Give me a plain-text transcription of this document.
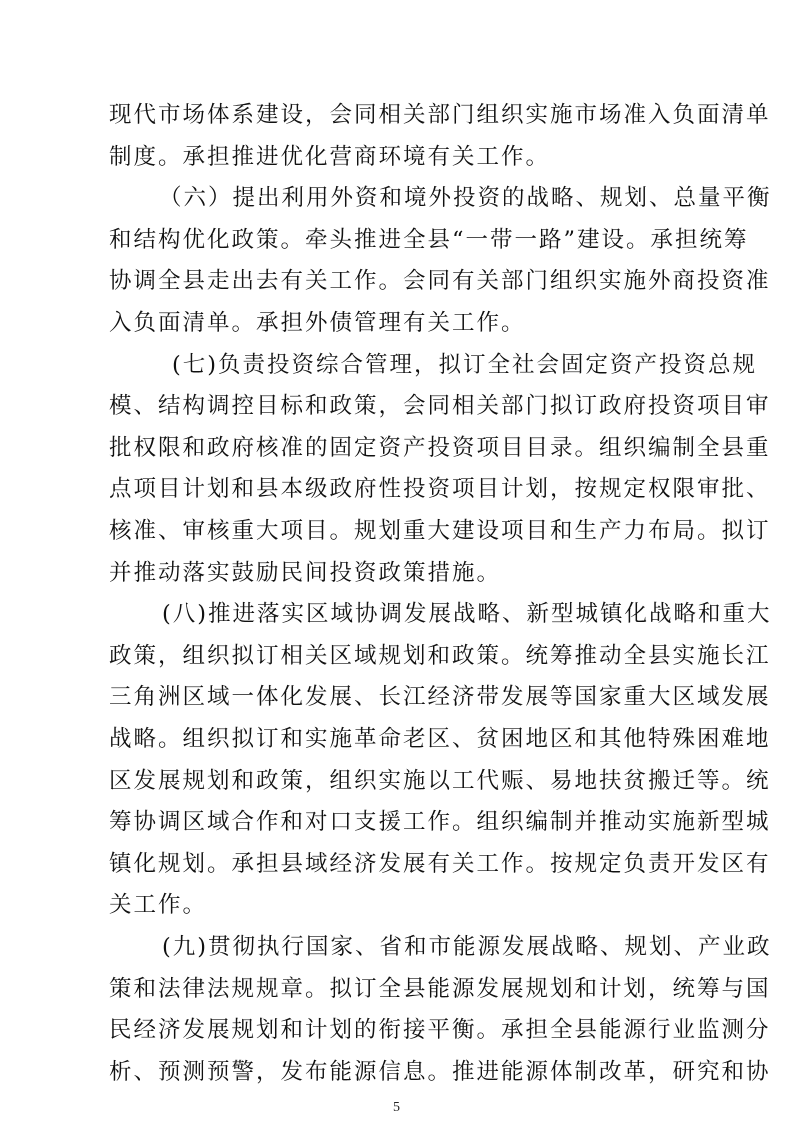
现代市场体系建设，会同相关部门组织实施市场准入负面清单
制度。承担推进优化营商环境有关工作。
（六）提出利用外资和境外投资的战略、规划、总量平衡
和结构优化政策。牵头推进全县“一带一路”建设。承担统筹
协调全县走出去有关工作。会同有关部门组织实施外商投资准
入负面清单。承担外债管理有关工作。
(七)负责投资综合管理，拟订全社会固定资产投资总规
模、结构调控目标和政策，会同相关部门拟订政府投资项目审
批权限和政府核准的固定资产投资项目目录。组织编制全县重
点项目计划和县本级政府性投资项目计划，按规定权限审批、
核准、审核重大项目。规划重大建设项目和生产力布局。拟订
并推动落实鼓励民间投资政策措施。
(八)推进落实区域协调发展战略、新型城镇化战略和重大
政策，组织拟订相关区域规划和政策。统筹推动全县实施长江
三角洲区域一体化发展、长江经济带发展等国家重大区域发展
战略。组织拟订和实施革命老区、贫困地区和其他特殊困难地
区发展规划和政策，组织实施以工代赈、易地扶贫搬迁等。统
筹协调区域合作和对口支援工作。组织编制并推动实施新型城
镇化规划。承担县域经济发展有关工作。按规定负责开发区有
关工作。
(九)贯彻执行国家、省和市能源发展战略、规划、产业政
策和法律法规规章。拟订全县能源发展规划和计划，统筹与国
民经济发展规划和计划的衔接平衡。承担全县能源行业监测分
析、预测预警，发布能源信息。推进能源体制改革，研究和协
5
